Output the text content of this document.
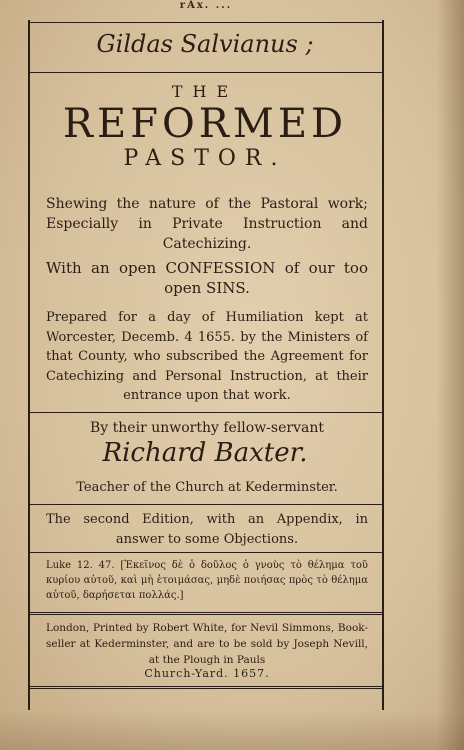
rAx. ...
Gildas Salvianus ;
THE
REFORMED
PASTOR.
Shewing the nature of the Pastoral work; Especially in Private Instruction and Catechizing.
With an open CONFESSION of our too open SINS.
Prepared for a day of Humiliation kept at Worcester, Decemb. 4 1655. by the Ministers of that County, who subscribed the Agreement for Catechizing and Personal Instruction, at their entrance upon that work.
By their unworthy fellow-servant
Richard Baxter.
Teacher of the Church at Kederminster.
The second Edition, with an Appendix, in answer to some Objections.
Luke 12. 47. [Ἐκεῖνος δὲ ὁ δοῦλος ὁ γνοὺς τὸ θέλημα τοῦ κυρίου αὐτοῦ, καὶ μὴ ἑτοιμάσας, μηδὲ ποιήσας πρὸς τὸ θέλημα αὐτοῦ, δαρήσεται πολλάς.]
London, Printed by Robert White, for Nevil Simmons, Book-seller at Kederminster, and are to be sold by Joseph Nevill, at the Plough in Pauls
Church-Yard. 1657.
